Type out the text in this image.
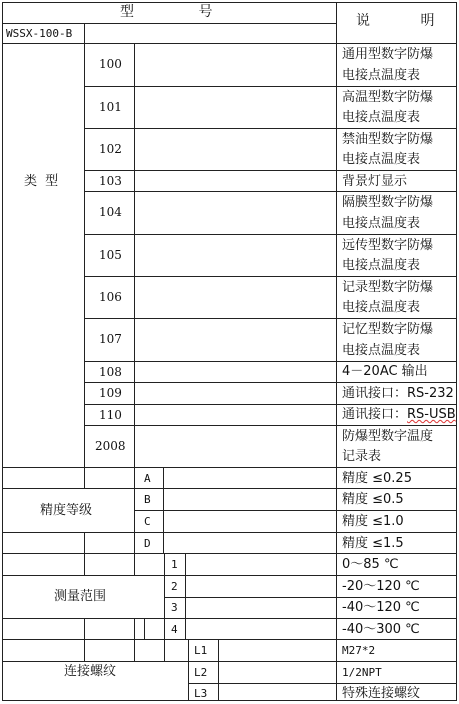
型 号
说 明
WSSX-100-B
类 型
100
101
102
103
104
105
106
107
108
109
110
2008
通用型数字防爆
电接点温度表
高温型数字防爆
电接点温度表
禁油型数字防爆
电接点温度表
背景灯显示
隔膜型数字防爆
电接点温度表
远传型数字防爆
电接点温度表
记录型数字防爆
电接点温度表
记忆型数字防爆
电接点温度表
4－20AC 输出
通讯接口：RS-232
通讯接口：RS-USB
防爆型数字温度
记录表
精度等级
A
B
C
D
精度 ≤0.25
精度 ≤0.5
精度 ≤1.0
精度 ≤1.5
测量范围
1
2
3
4
0～85 ℃
-20～120 ℃
-40～120 ℃
-40～300 ℃
连接螺纹
L1
L2
L3
M27*2
1/2NPT
特殊连接螺纹
